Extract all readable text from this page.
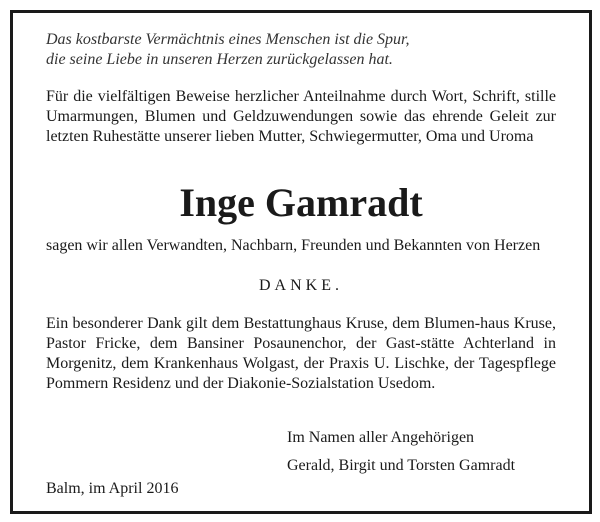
Das kostbarste Vermächtnis eines Menschen ist die Spur,
die seine Liebe in unseren Herzen zurückgelassen hat.
Für die vielfältigen Beweise herzlicher Anteilnahme durch Wort, Schrift, stille Umarmungen, Blumen und Geldzuwendungen sowie das ehrende Geleit zur letzten Ruhestätte unserer lieben Mutter, Schwiegermutter, Oma und Uroma
Inge Gamradt
sagen wir allen Verwandten, Nachbarn, Freunden und Bekannten von Herzen
DANKE.
Ein besonderer Dank gilt dem Bestattunghaus Kruse, dem Blumen-haus Kruse, Pastor Fricke, dem Bansiner Posaunenchor, der Gast-stätte Achterland in Morgenitz, dem Krankenhaus Wolgast, der Praxis U. Lischke, der Tagespflege Pommern Residenz und der Diakonie-Sozialstation Usedom.
Im Namen aller Angehörigen
Gerald, Birgit und Torsten Gamradt
Balm, im April 2016
